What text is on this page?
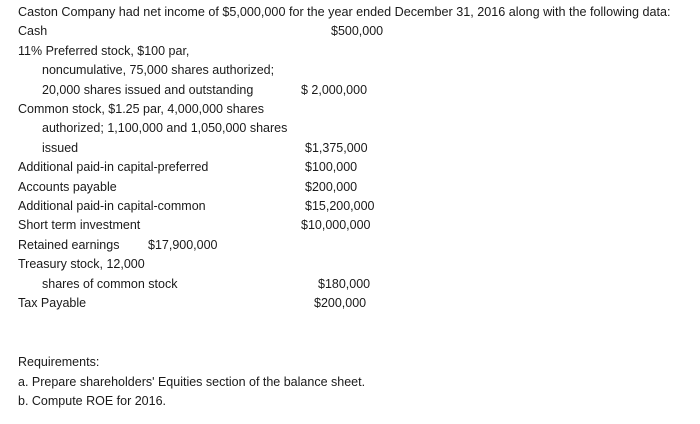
Caston Company had net income of $5,000,000 for the year ended December 31, 2016 along with the following data:
Cash	$500,000
11% Preferred stock, $100 par,
noncumulative, 75,000 shares authorized;
20,000 shares issued and outstanding	$ 2,000,000
Common stock, $1.25 par, 4,000,000 shares
authorized; 1,100,000 and 1,050,000 shares
issued	$1,375,000
Additional paid-in capital-preferred	$100,000
Accounts payable	$200,000
Additional paid-in capital-common	$15,200,000
Short term investment	$10,000,000
Retained earnings $17,900,000
Treasury stock, 12,000
shares of common stock	$180,000
Tax Payable	$200,000
Requirements:
a. Prepare shareholders' Equities section of the balance sheet.
b. Compute ROE for 2016.
